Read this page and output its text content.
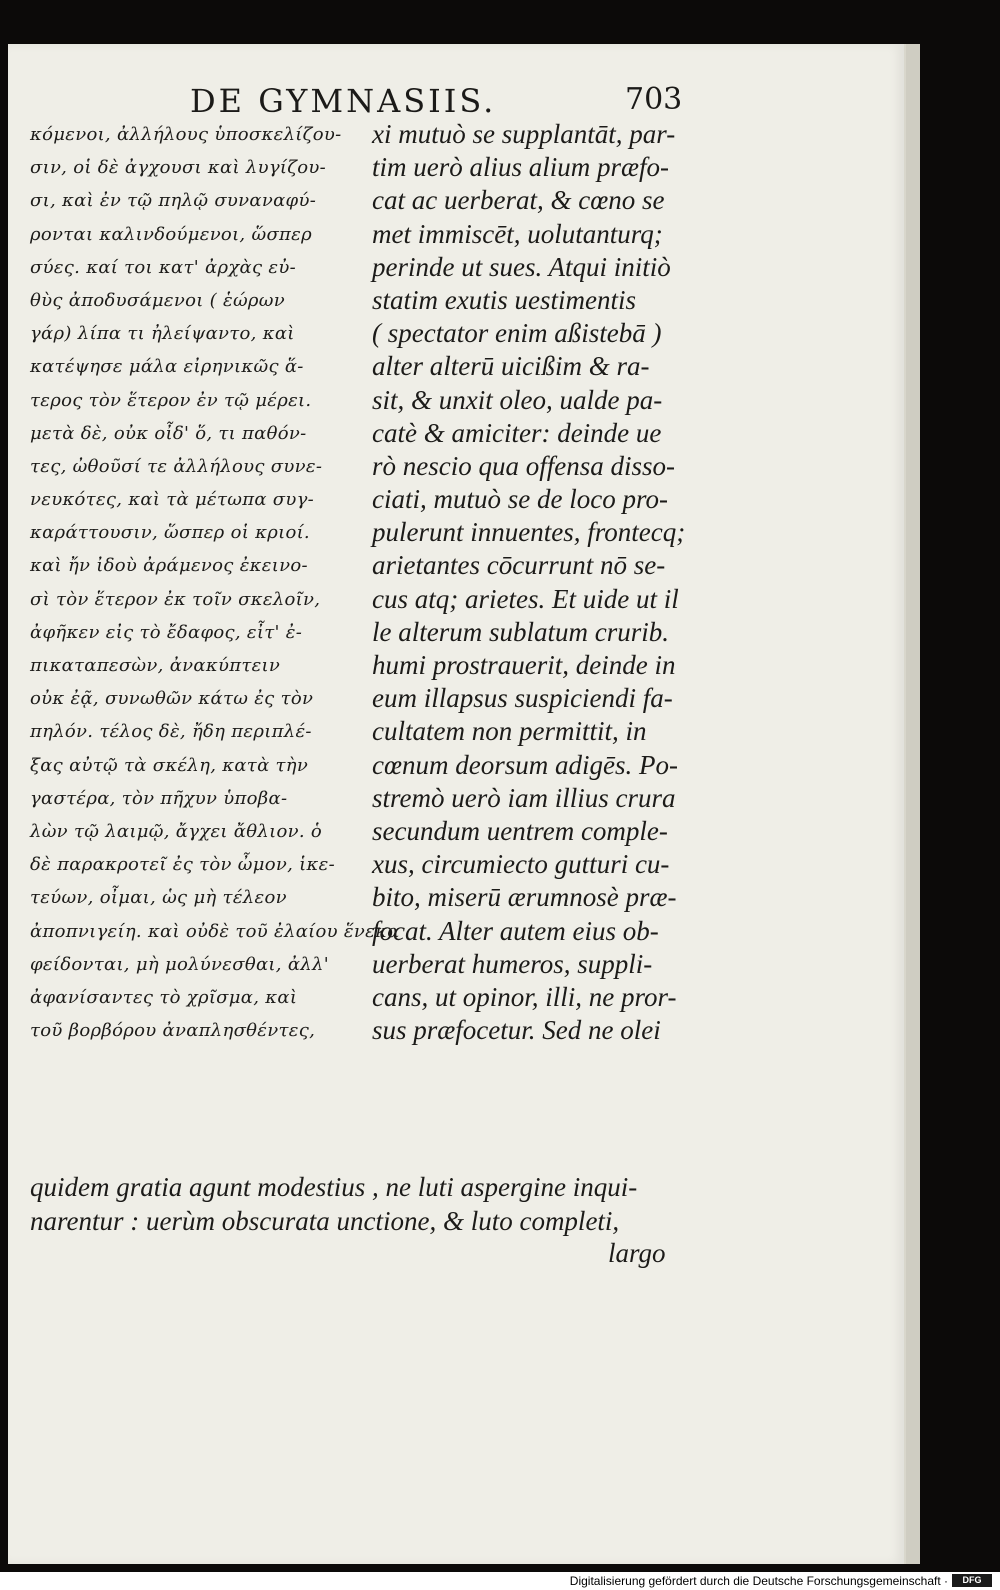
DE GYMNASIIS.	703
κόμενοι, ἀλλήλους ὑποσκελίζου-
σιν, οἱ δὲ ἀγχουσι καὶ λυγίζου-
σι, καὶ ἐν τῷ πηλῷ συναναφύ-
ρονται καλινδούμενοι, ὥσπερ
σύες. καί τοι κατ' ἀρχὰς εὐ-
θὺς ἀποδυσάμενοι ( ἑώρων
γάρ) λίπα τι ἠλείψαντο, καὶ
κατέψησε μάλα εἰρηνικῶς ἅ-
τερος τὸν ἕτερον ἐν τῷ μέρει.
μετὰ δὲ, οὐκ οἶδ' ὅ, τι παθόν-
τες, ὠθοῦσί τε ἀλλήλους συνε-
νευκότες, καὶ τὰ μέτωπα συγ-
καράττουσιν, ὥσπερ οἱ κριοί.
καὶ ἤν ἰδοὺ ἀράμενος ἐκεινο-
σὶ τὸν ἕτερον ἐκ τοῖν σκελοῖν,
ἀφῆκεν εἰς τὸ ἔδαφος, εἶτ' ἐ-
πικαταπεσὼν, ἀνακύπτειν
οὐκ ἐᾷ, συνωθῶν κάτω ἐς τὸν
πηλόν. τέλος δὲ, ἤδη περιπλέ-
ξας αὐτῷ τὰ σκέλη, κατὰ τὴν
γαστέρα, τὸν πῆχυν ὑποβα-
λὼν τῷ λαιμῷ, ἄγχει ἄθλιον. ὁ
δὲ παρακροτεῖ ἐς τὸν ὦμον, ἱκε-
τεύων, οἶμαι, ὡς μὴ τέλεον
ἀποπνιγείη. καὶ οὐδὲ τοῦ ἐλαίου ἕνεκα
φείδονται, μὴ μολύνεσθαι, ἀλλ'
ἀφανίσαντες τὸ χρῖσμα, καὶ
τοῦ βορβόρου ἀναπλησθέντες,
xi mutuò se supplantāt, par-
tim uerò alius alium præfo-
cat ac uerberat, & cœno se
met immiscēt, uolutanturq;
perinde ut sues. Atqui initiò
statim exutis uestimentis
( spectator enim aßistebā )
alter alterū uicißim & ra-
sit, & unxit oleo, ualde pa-
catè & amiciter: deinde ue
rò nescio qua offensa disso-
ciati, mutuò se de loco pro-
pulerunt innuentes, frontecq;
arietantes cōcurrunt nō se-
cus atq; arietes. Et uide ut il
le alterum sublatum crurib.
humi prostrauerit, deinde in
eum illapsus suspiciendi fa-
cultatem non permittit, in
cœnum deorsum adigēs. Po-
stremò uerò iam illius crura
secundum uentrem comple-
xus, circumiecto gutturi cu-
bito, miserū ærumnosè præ-
focat. Alter autem eius ob-
uerberat humeros, suppli-
cans, ut opinor, illi, ne pror-
sus præfocetur. Sed ne olei
quidem gratia agunt modestius , ne luti aspergine inqui-
narentur : uerùm obscurata unctione, & luto completi,
largo
Digitalisierung gefördert durch die Deutsche Forschungsgemeinschaft ·	DFG
